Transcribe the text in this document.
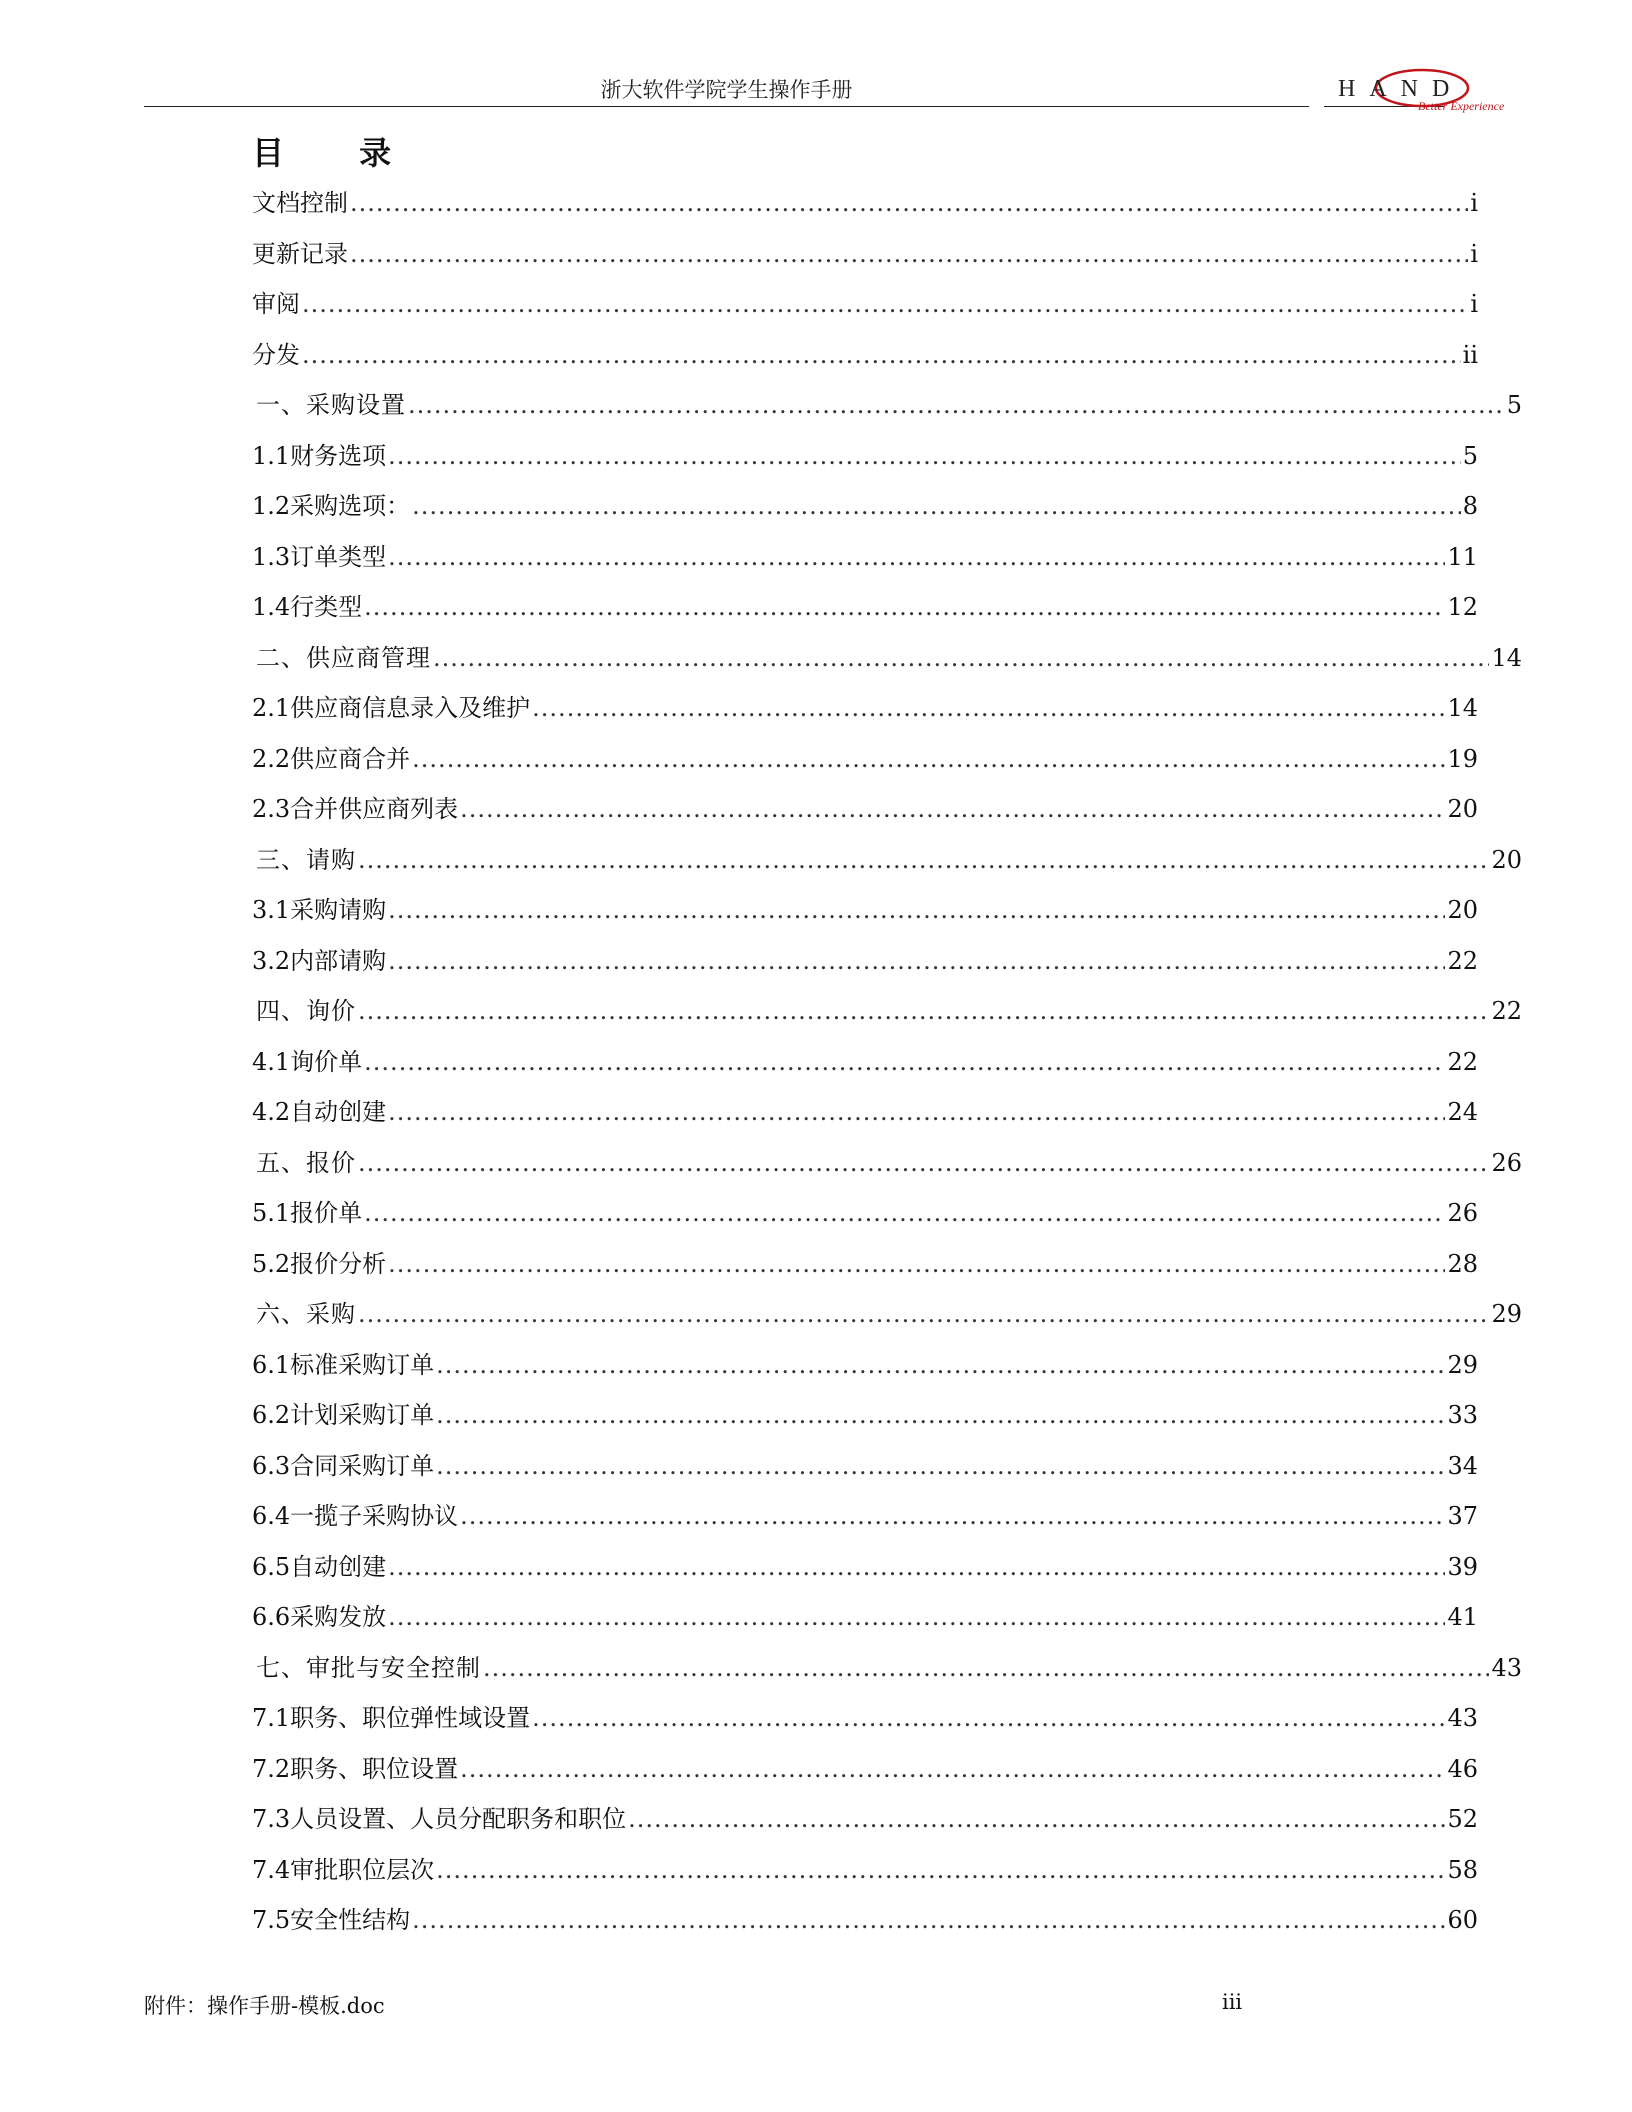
浙大软件学院学生操作手册	HAND
Better Experience
目 录
文档控制 .....	i
更新记录 .....	i
审阅 .....	i
分发 .....	ii
一、采购设置 .....	5
1.1财务选项 .....	5
1.2采购选项： .....	8
1.3订单类型 .....	11
1.4行类型 .....	12
二、供应商管理 .....	14
2.1供应商信息录入及维护 .....	14
2.2供应商合并 .....	19
2.3合并供应商列表 .....	20
三、请购 .....	20
3.1采购请购 .....	20
3.2内部请购 .....	22
四、询价 .....	22
4.1询价单 .....	22
4.2自动创建 .....	24
五、报价 .....	26
5.1报价单 .....	26
5.2报价分析 .....	28
六、采购 .....	29
6.1标准采购订单 .....	29
6.2计划采购订单 .....	33
6.3合同采购订单 .....	34
6.4一揽子采购协议 .....	37
6.5自动创建 .....	39
6.6采购发放 .....	41
七、审批与安全控制 .....	43
7.1职务、职位弹性域设置 .....	43
7.2职务、职位设置 .....	46
7.3人员设置、人员分配职务和职位 .....	52
7.4审批职位层次 .....	58
7.5安全性结构 .....	60
附件：操作手册-模板.doc	iii
